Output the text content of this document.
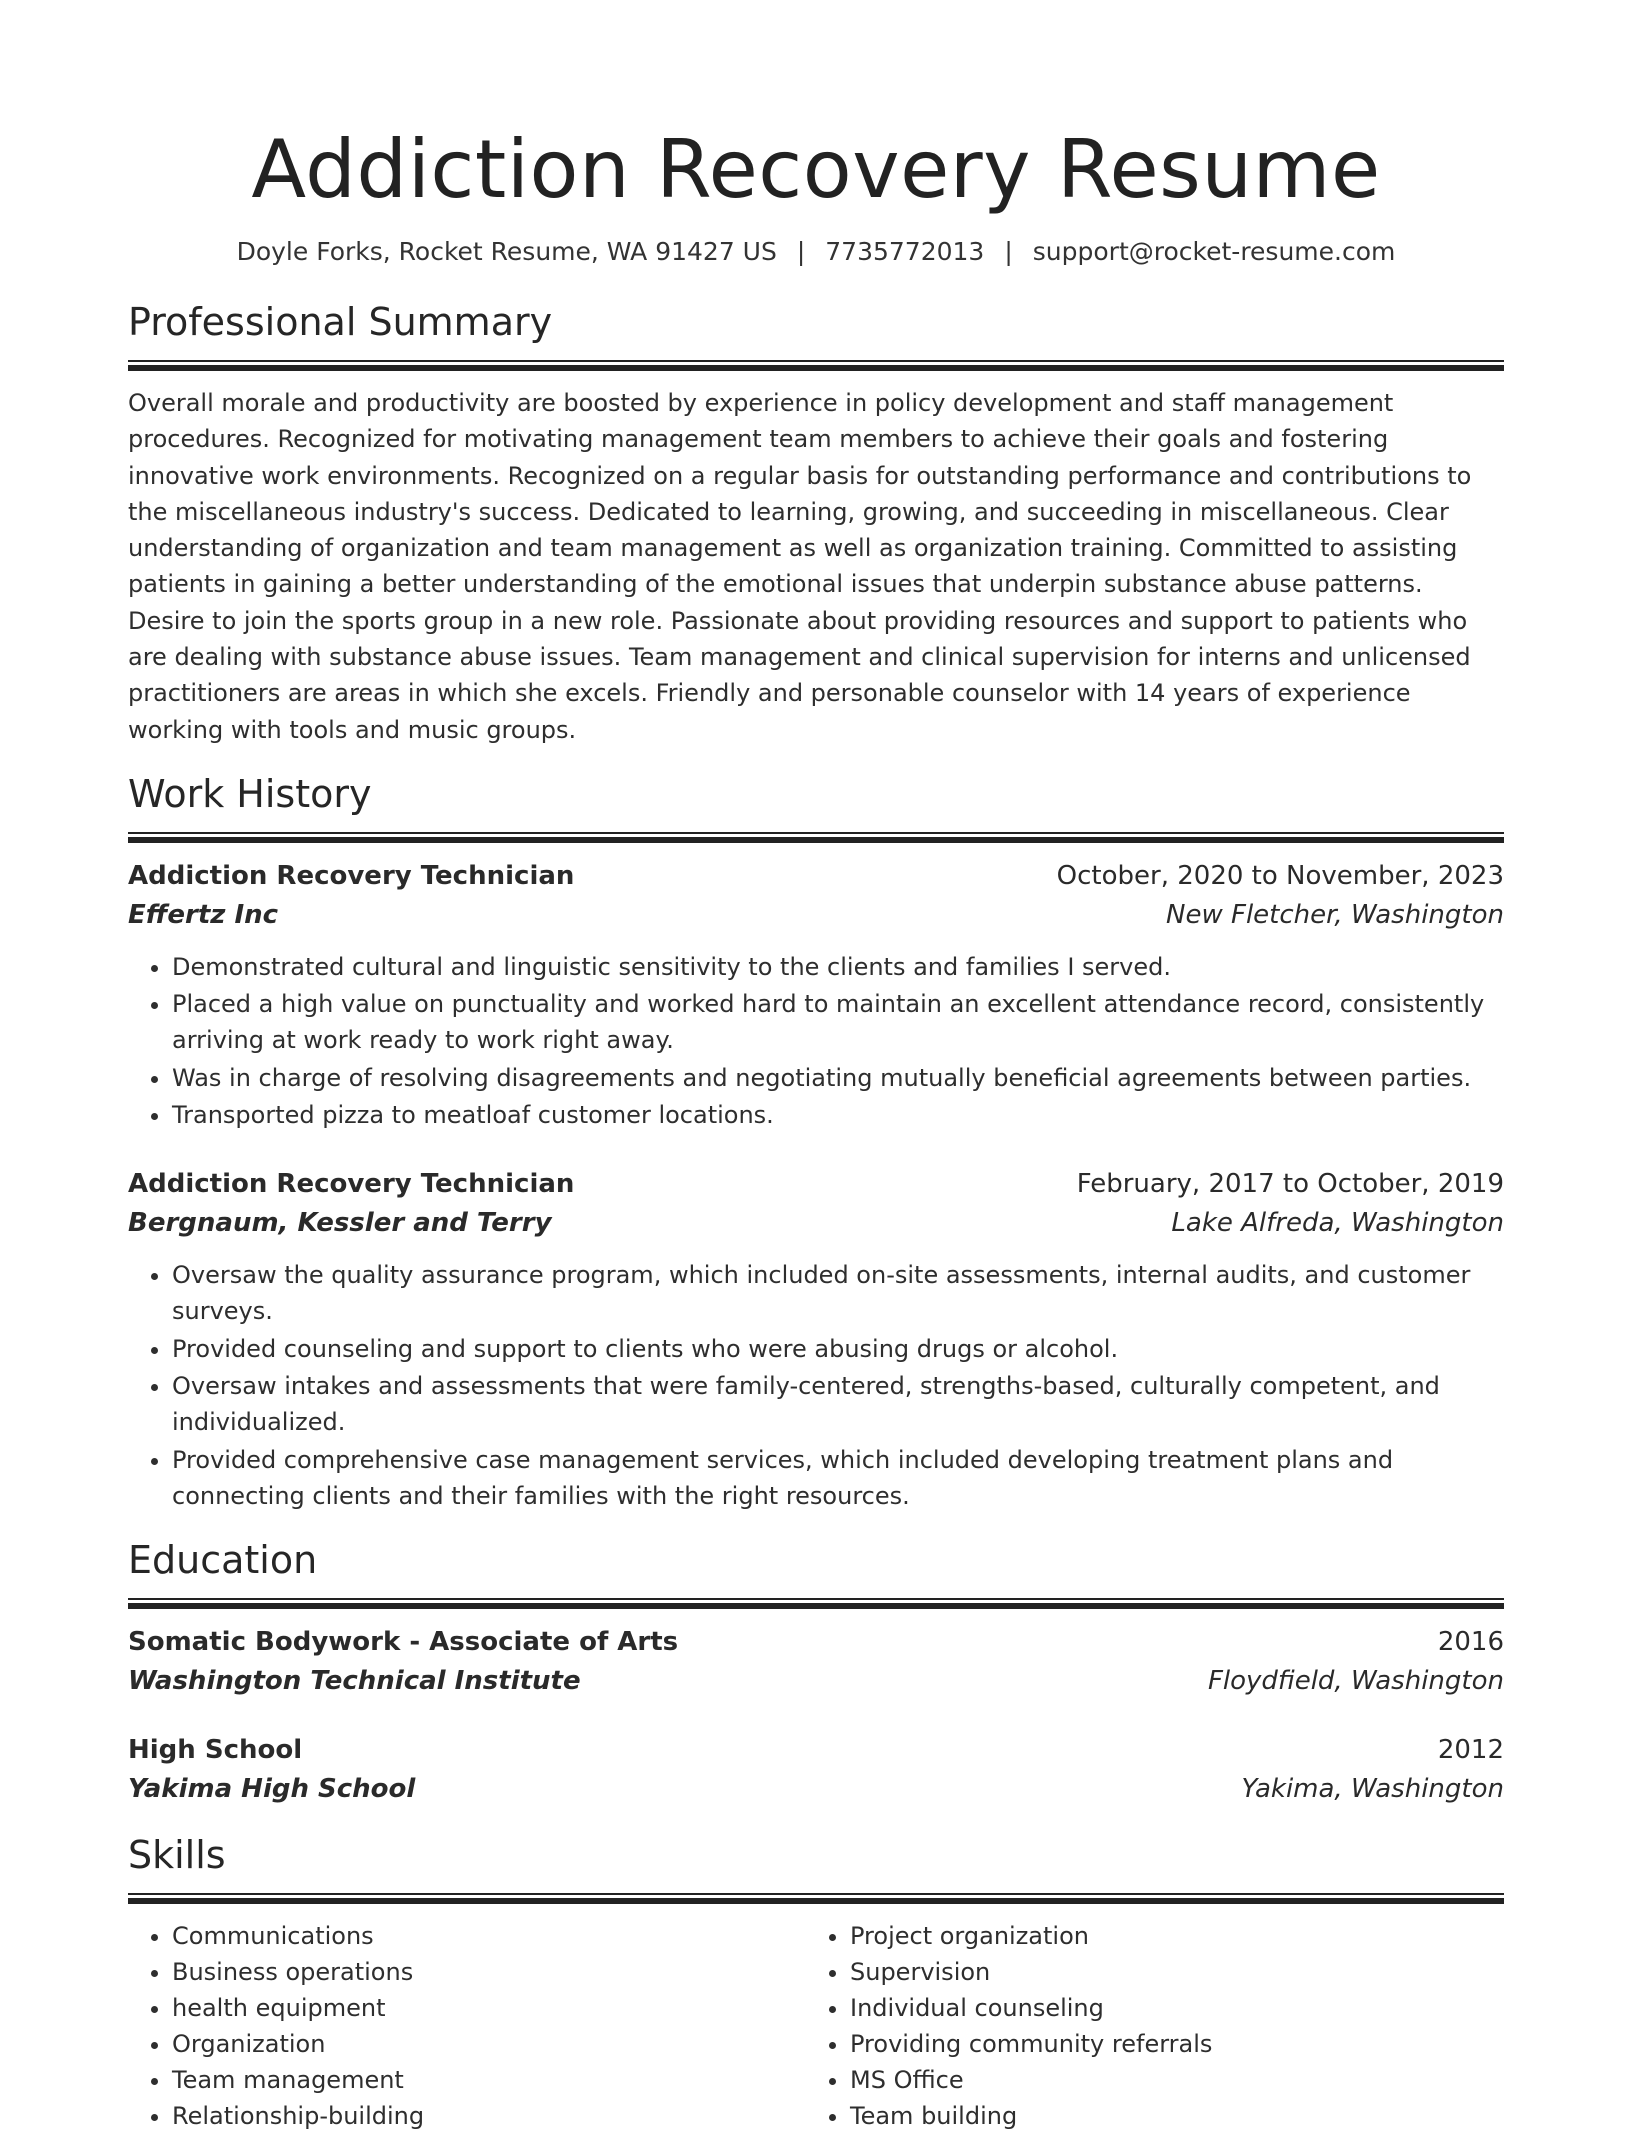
Addiction Recovery Resume
Doyle Forks, Rocket Resume, WA 91427 US | 7735772013 | support@rocket-resume.com
Professional Summary
Overall morale and productivity are boosted by experience in policy development and staff management procedures. Recognized for motivating management team members to achieve their goals and fostering innovative work environments. Recognized on a regular basis for outstanding performance and contributions to the miscellaneous industry's success. Dedicated to learning, growing, and succeeding in miscellaneous. Clear understanding of organization and team management as well as organization training. Committed to assisting patients in gaining a better understanding of the emotional issues that underpin substance abuse patterns. Desire to join the sports group in a new role. Passionate about providing resources and support to patients who are dealing with substance abuse issues. Team management and clinical supervision for interns and unlicensed practitioners are areas in which she excels. Friendly and personable counselor with 14 years of experience working with tools and music groups.
Work History
Addiction Recovery Technician	October, 2020 to November, 2023
Effertz Inc	New Fletcher, Washington
• Demonstrated cultural and linguistic sensitivity to the clients and families I served.
• Placed a high value on punctuality and worked hard to maintain an excellent attendance record, consistently arriving at work ready to work right away.
• Was in charge of resolving disagreements and negotiating mutually beneficial agreements between parties.
• Transported pizza to meatloaf customer locations.
Addiction Recovery Technician	February, 2017 to October, 2019
Bergnaum, Kessler and Terry	Lake Alfreda, Washington
• Oversaw the quality assurance program, which included on-site assessments, internal audits, and customer surveys.
• Provided counseling and support to clients who were abusing drugs or alcohol.
• Oversaw intakes and assessments that were family-centered, strengths-based, culturally competent, and individualized.
• Provided comprehensive case management services, which included developing treatment plans and connecting clients and their families with the right resources.
Education
Somatic Bodywork - Associate of Arts	2016
Washington Technical Institute	Floydfield, Washington
High School	2012
Yakima High School	Yakima, Washington
Skills
• Communications
• Business operations
• health equipment
• Organization
• Team management
• Relationship-building
• Project organization
• Supervision
• Individual counseling
• Providing community referrals
• MS Office
• Team building
